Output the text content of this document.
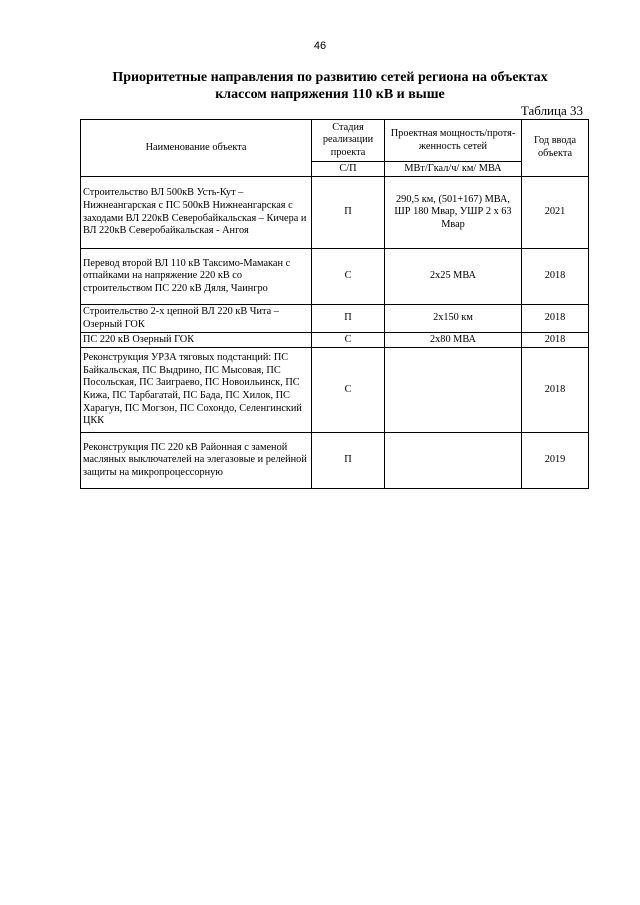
46
Приоритетные направления по развитию сетей региона на объектах
классом напряжения 110 кВ и выше
Таблица 33
Наименование объекта	Стадия реализации проекта	Проектная мощность/протя-женность сетей	Год ввода объекта
	С/П	МВт/Гкал/ч/ км/ МВА	
Строительство ВЛ 500кВ Усть-Кут – Нижнеангарская с ПС 500кВ Нижнеангарская с заходами ВЛ 220кВ Северобайкальская – Кичера и ВЛ 220кВ Северобайкальская - Ангоя	П	290,5 км, (501+167) МВА, ШР 180 Мвар, УШР 2 х 63 Мвар	2021
Перевод второй ВЛ 110 кВ Таксимо-Мамакан с отпайками на напряжение 220 кВ со строительством ПС 220 кВ Дяля, Чаингро	С	2х25 МВА	2018
Строительство 2-х цепной ВЛ 220 кВ Чита – Озерный ГОК	П	2х150 км	2018
ПС 220 кВ Озерный ГОК	С	2х80 МВА	2018
Реконструкция УРЗА тяговых подстанций: ПС Байкальская, ПС Выдрино, ПС Мысовая, ПС Посольская, ПС Заиграево, ПС Новоильинск, ПС Кижа, ПС Тарбагатай, ПС Бада, ПС Хилок, ПС Харагун, ПС Могзон, ПС Сохондо, Селенгинский ЦКК	С		2018
Реконструкция ПС 220 кВ Районная с заменой масляных выключателей на элегазовые и релейной защиты на микропроцессорную	П		2019
